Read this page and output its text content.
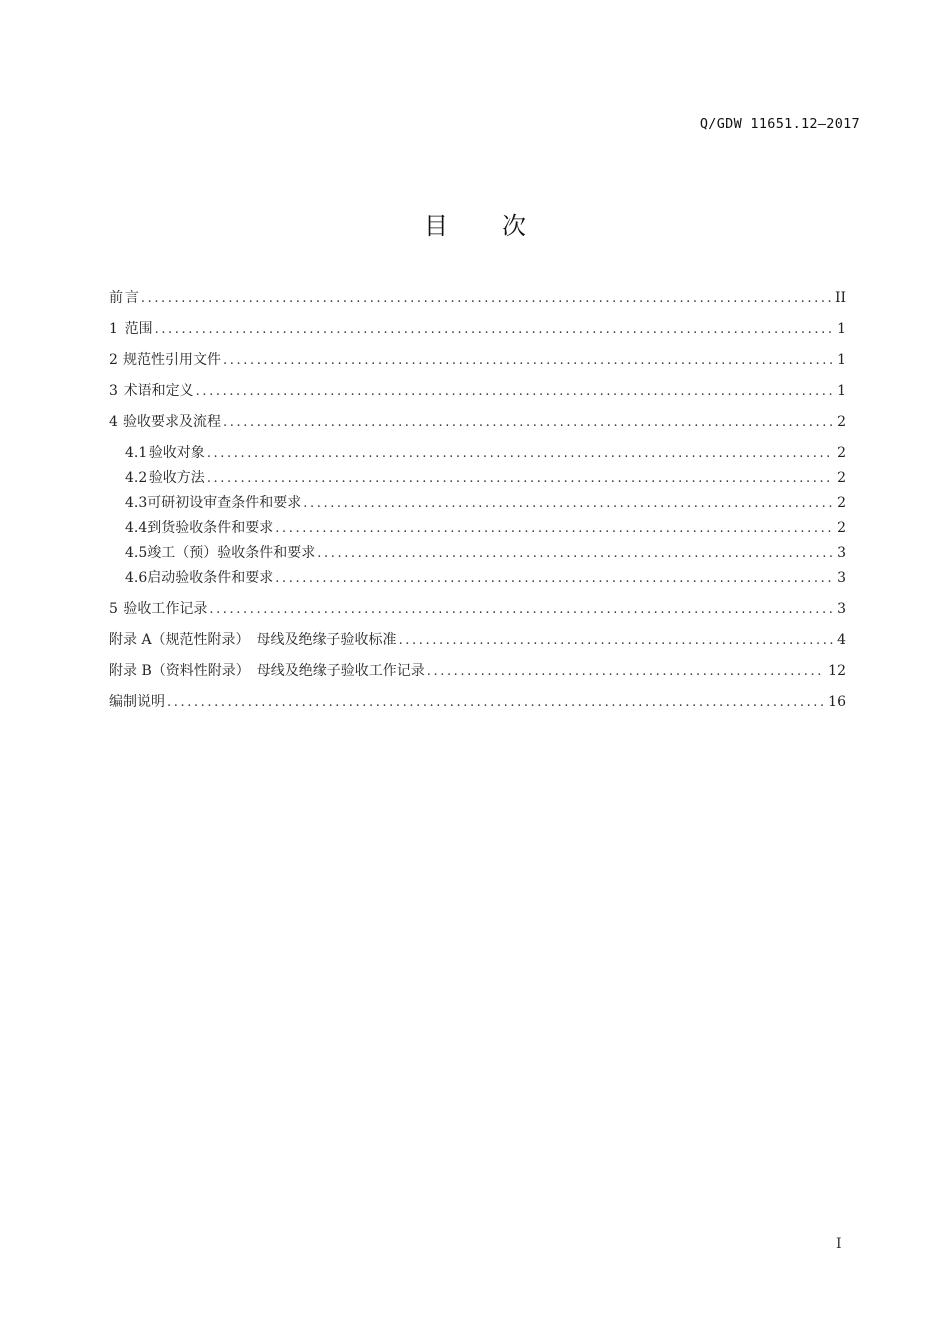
Q/GDW 11651.12—2017
目 次
前 言 .....	II
1 范围 .....	1
2 规范性引用文件 .....	1
3 术语和定义 .....	1
4 验收要求及流程 .....	2
4.1 验收对象 .....	2
4.2 验收方法 .....	2
4.3 可研初设审查条件和要求 .....	2
4.4 到货验收条件和要求 .....	2
4.5 竣工（预）验收条件和要求 .....	3
4.6 启动验收条件和要求 .....	3
5 验收工作记录 .....	3
附录 A（规范性附录）　母线及绝缘子验收标准 .....	4
附录 B（资料性附录）　母线及绝缘子验收工作记录 .....	12
编制说明 .....	16
I
